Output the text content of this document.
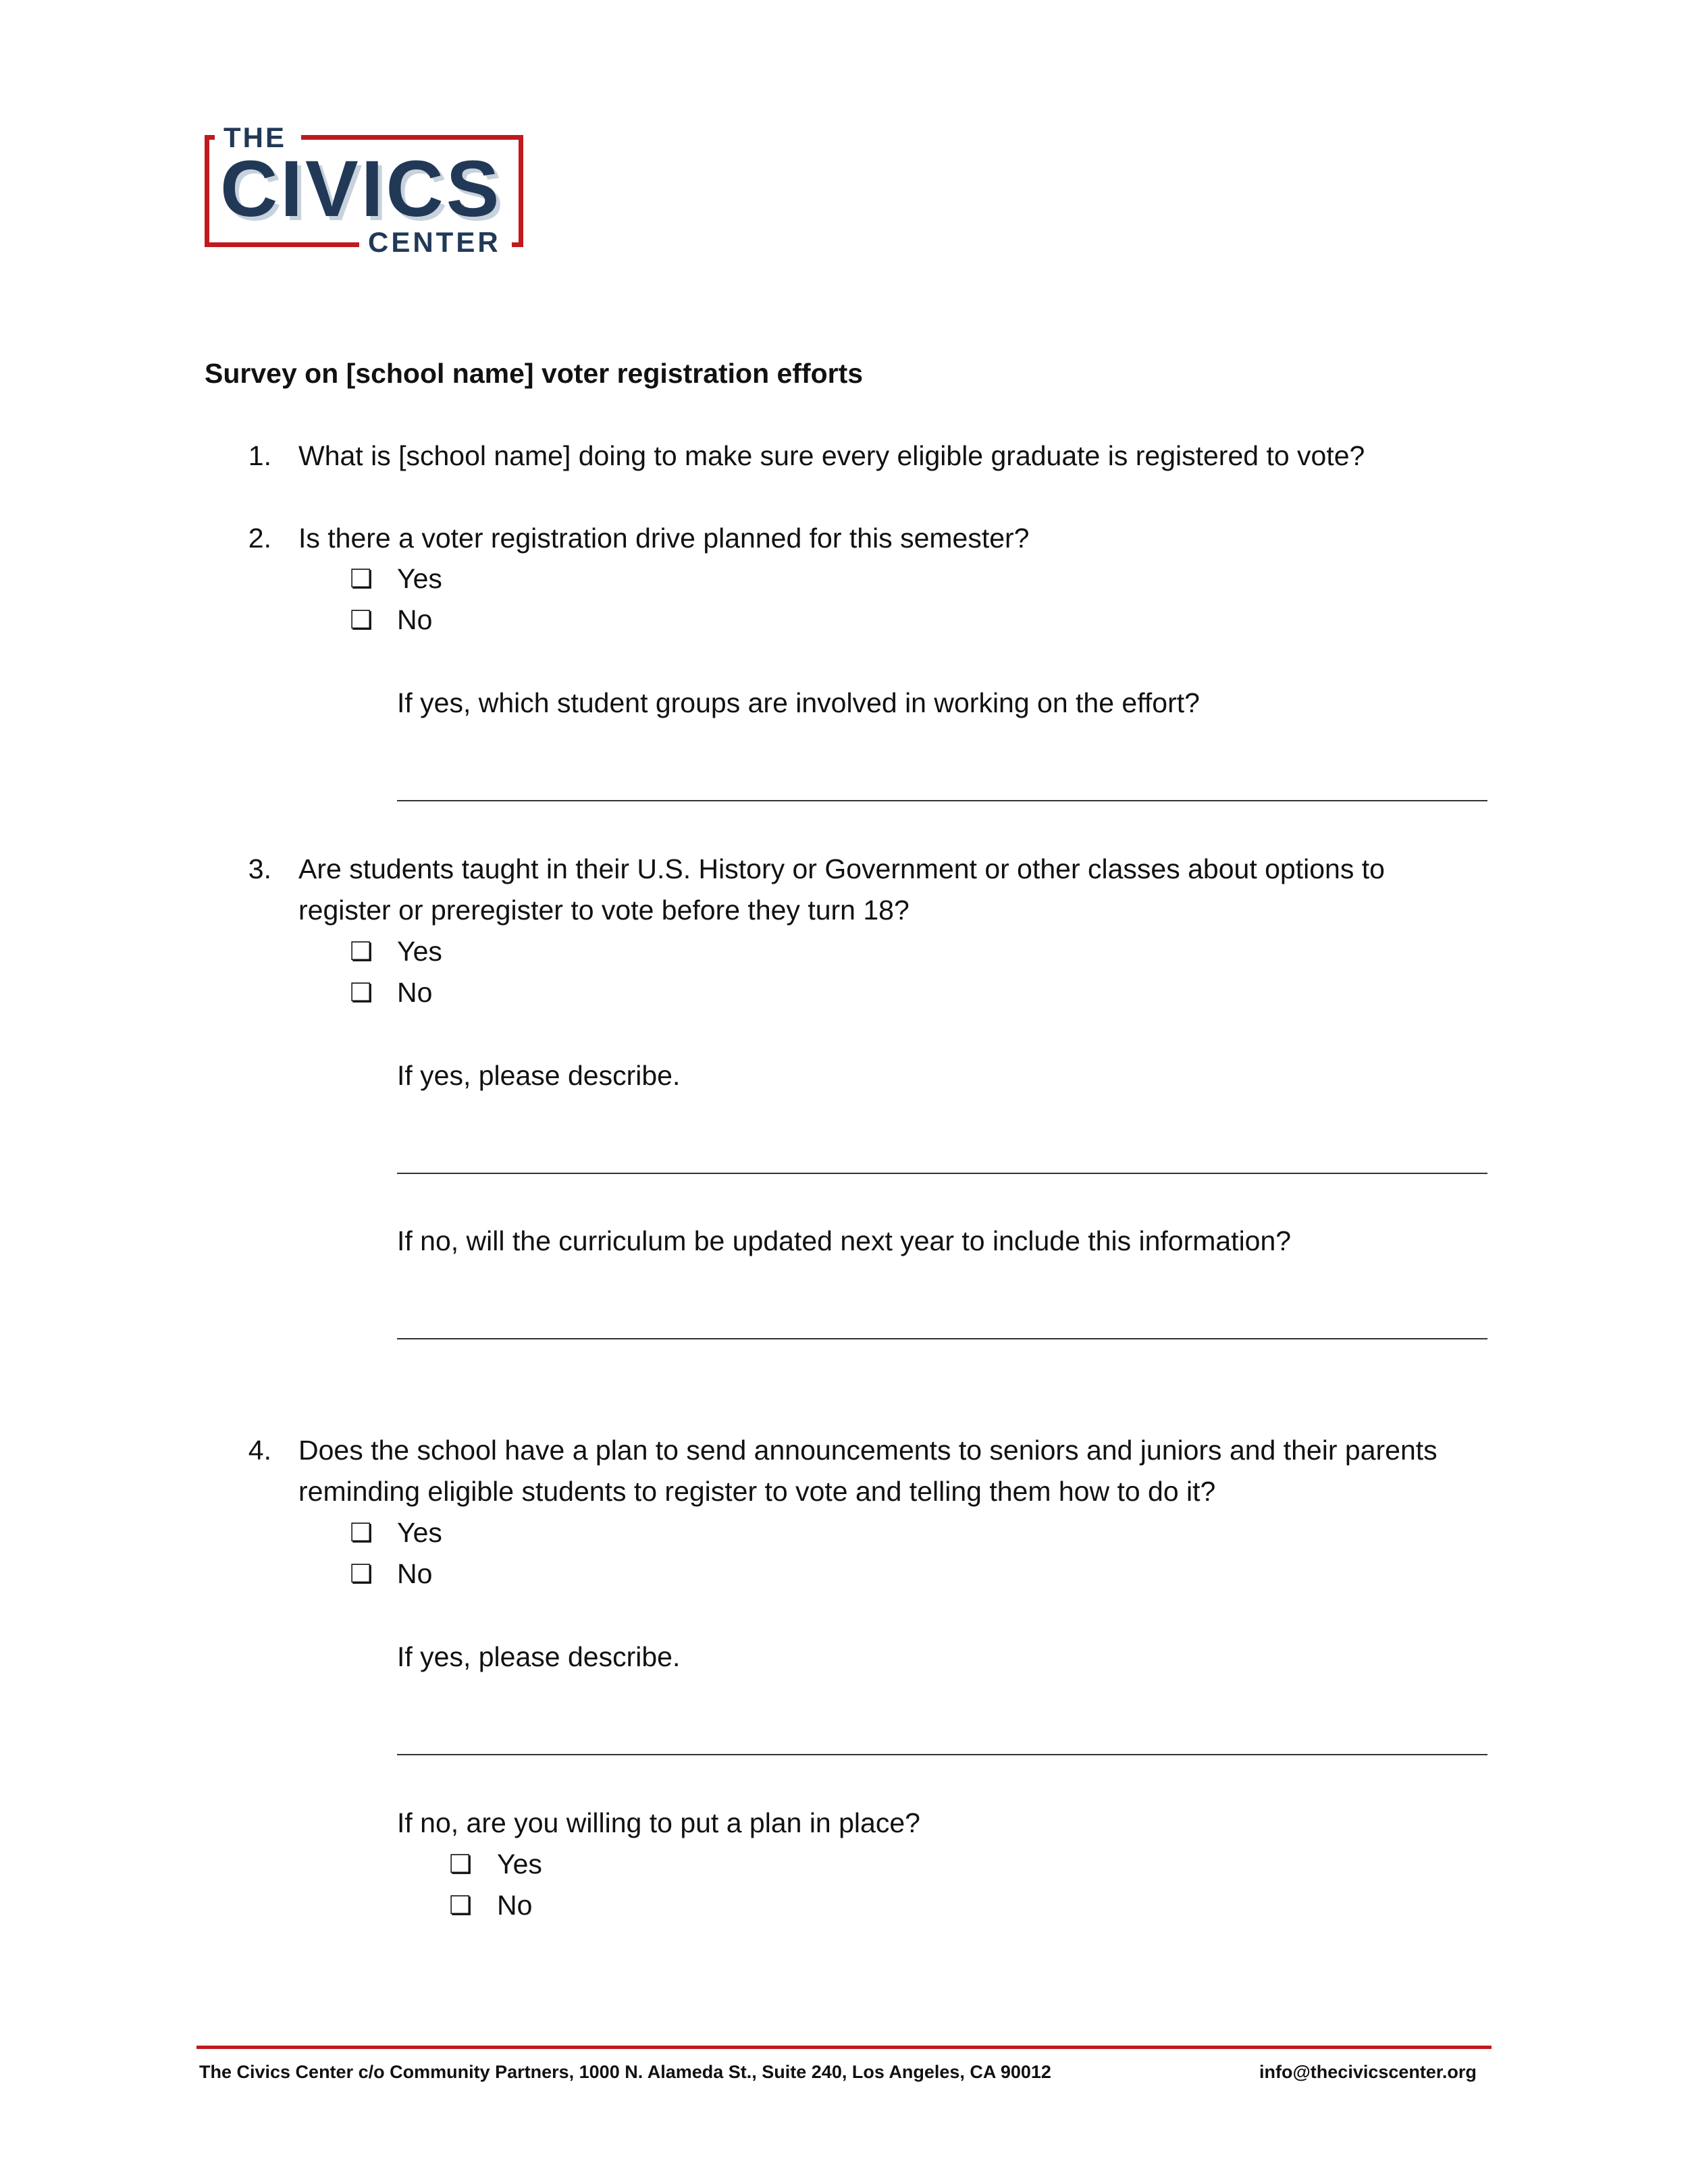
THE
CIVICS
CENTER
Survey on [school name] voter registration efforts
1. What is [school name] doing to make sure every eligible graduate is registered to vote?
2. Is there a voter registration drive planned for this semester?
❏ Yes
❏ No
If yes, which student groups are involved in working on the effort?
3. Are students taught in their U.S. History or Government or other classes about options to
register or preregister to vote before they turn 18?
❏ Yes
❏ No
If yes, please describe.
If no, will the curriculum be updated next year to include this information?
4. Does the school have a plan to send announcements to seniors and juniors and their parents
reminding eligible students to register to vote and telling them how to do it?
❏ Yes
❏ No
If yes, please describe.
If no, are you willing to put a plan in place?
❏ Yes
❏ No
The Civics Center c/o Community Partners, 1000 N. Alameda St., Suite 240, Los Angeles, CA 90012	info@thecivicscenter.org
